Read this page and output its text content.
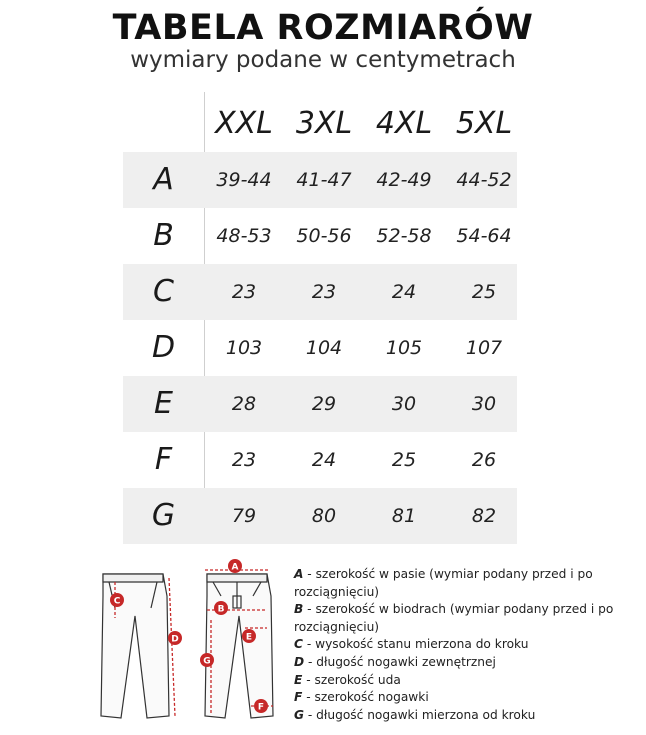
TABELA ROZMIARÓW
wymiary podane w centymetrach
XXL 3XL 4XL 5XL
A	39-44	41-47	42-49	44-52
B	48-53	50-56	52-58	54-64
C	23	23	24	25
D	103	104	105	107
E	28	29	30	30
F	23	24	25	26
G	79	80	81	82
A
B
C
D	E
F
G

A - szerokość w pasie (wymiar podany przed i po rozciągnięciu)

B - szerokość w biodrach (wymiar podany przed i po rozciągnięciu)

C - wysokość stanu mierzona do kroku

D - długość nogawki zewnętrznej

E - szerokość uda

F - szerokość nogawki

G - długość nogawki mierzona od kroku
